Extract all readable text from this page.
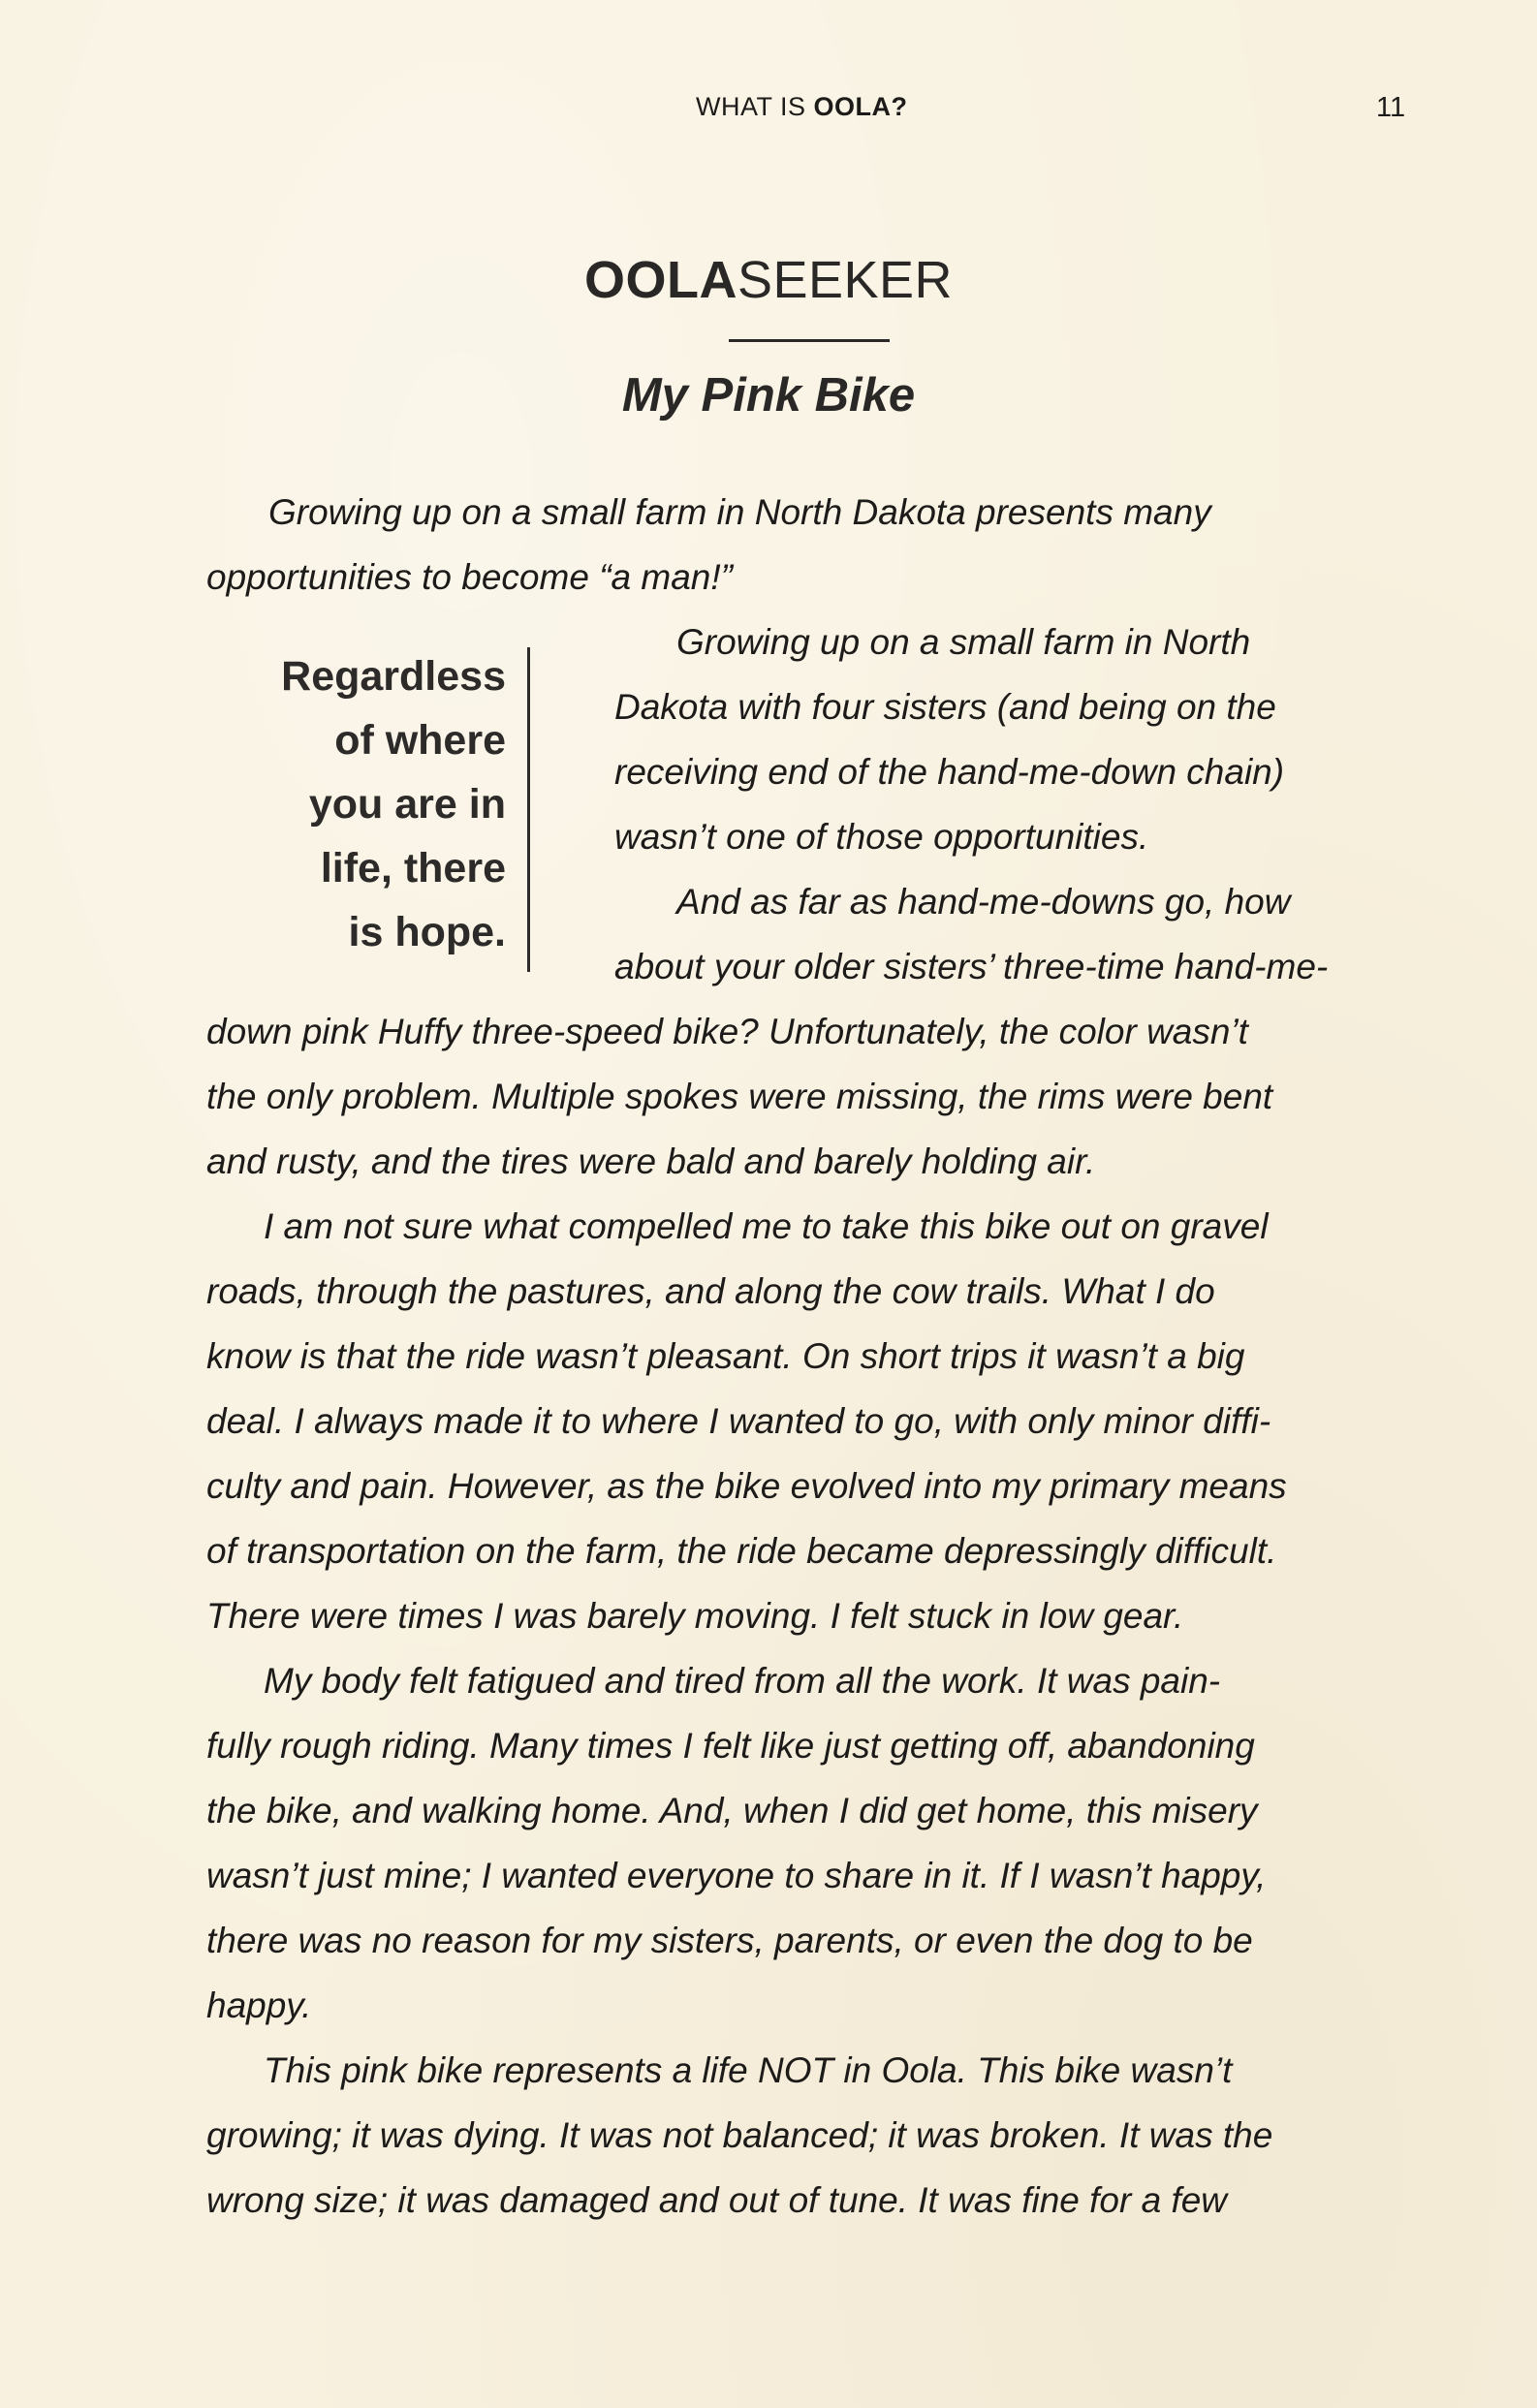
WHAT IS OOLA?	11
OOLASEEKER
My Pink Bike
Regardless
of where
you are in
life, there
is hope.
Growing up on a small farm in North Dakota presents many
opportunities to become “a man!”
Growing up on a small farm in North
Dakota with four sisters (and being on the
receiving end of the hand-me-down chain)
wasn’t one of those opportunities.
And as far as hand-me-downs go, how
about your older sisters’ three-time hand-me-
down pink Huffy three-speed bike? Unfortunately, the color wasn’t
the only problem. Multiple spokes were missing, the rims were bent
and rusty, and the tires were bald and barely holding air.
I am not sure what compelled me to take this bike out on gravel
roads, through the pastures, and along the cow trails. What I do
know is that the ride wasn’t pleasant. On short trips it wasn’t a big
deal. I always made it to where I wanted to go, with only minor diffi-
culty and pain. However, as the bike evolved into my primary means
of transportation on the farm, the ride became depressingly difficult.
There were times I was barely moving. I felt stuck in low gear.
My body felt fatigued and tired from all the work. It was pain-
fully rough riding. Many times I felt like just getting off, abandoning
the bike, and walking home. And, when I did get home, this misery
wasn’t just mine; I wanted everyone to share in it. If I wasn’t happy,
there was no reason for my sisters, parents, or even the dog to be
happy.
This pink bike represents a life NOT in Oola. This bike wasn’t
growing; it was dying. It was not balanced; it was broken. It was the
wrong size; it was damaged and out of tune. It was fine for a few
